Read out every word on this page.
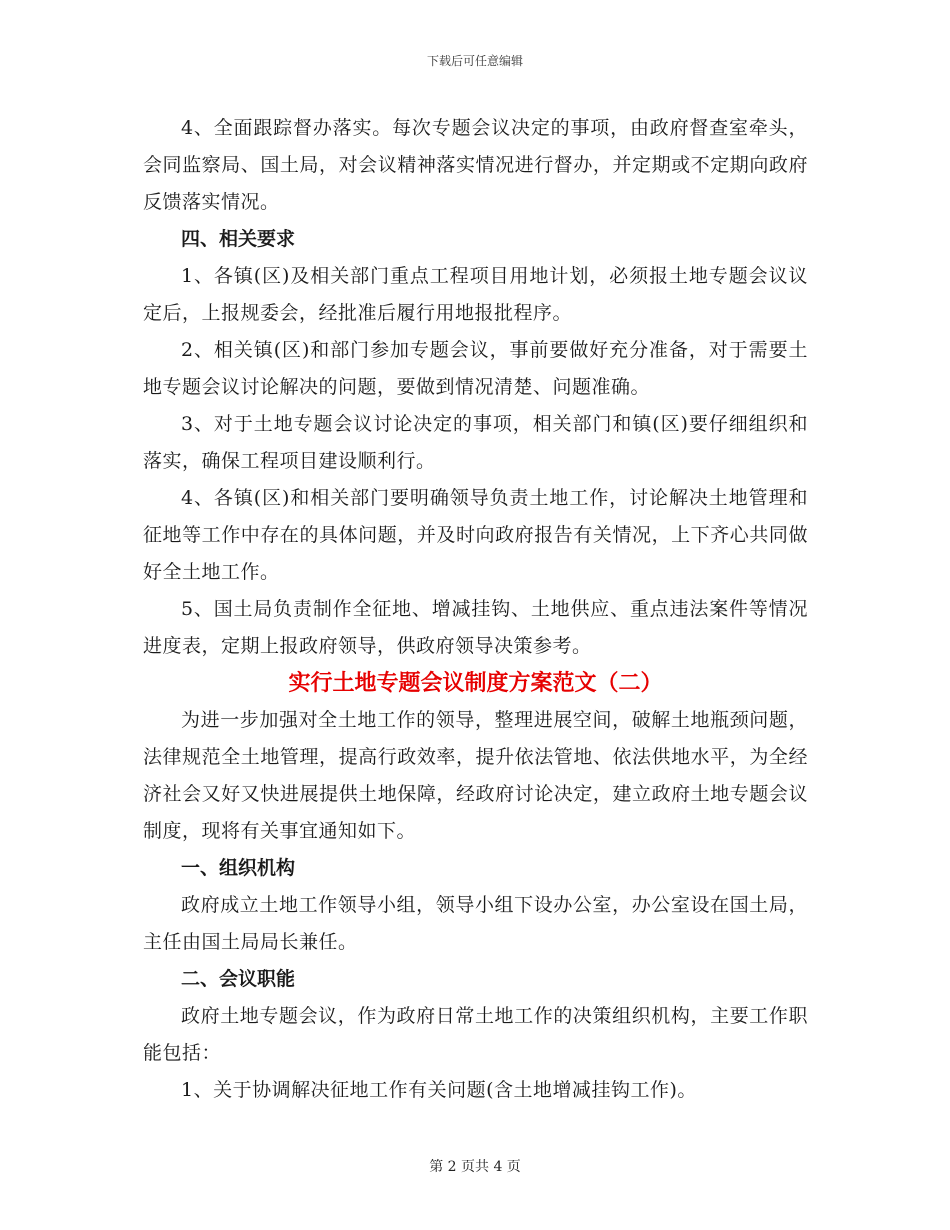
下载后可任意编辑

4、全面跟踪督办落实。每次专题会议决定的事项，由政府督查室牵头，会同监察局、国土局，对会议精神落实情况进行督办，并定期或不定期向政府反馈落实情况。

四、相关要求

1、各镇(区)及相关部门重点工程项目用地计划，必须报土地专题会议议定后，上报规委会，经批准后履行用地报批程序。

2、相关镇(区)和部门参加专题会议，事前要做好充分准备，对于需要土地专题会议讨论解决的问题，要做到情况清楚、问题准确。

3、对于土地专题会议讨论决定的事项，相关部门和镇(区)要仔细组织和落实，确保工程项目建设顺利行。

4、各镇(区)和相关部门要明确领导负责土地工作，讨论解决土地管理和征地等工作中存在的具体问题，并及时向政府报告有关情况，上下齐心共同做好全土地工作。

5、国土局负责制作全征地、增减挂钩、土地供应、重点违法案件等情况进度表，定期上报政府领导，供政府领导决策参考。

实行土地专题会议制度方案范文（二）

为进一步加强对全土地工作的领导，整理进展空间，破解土地瓶颈问题，法律规范全土地管理，提高行政效率，提升依法管地、依法供地水平，为全经济社会又好又快进展提供土地保障，经政府讨论决定，建立政府土地专题会议制度，现将有关事宜通知如下。

一、组织机构

政府成立土地工作领导小组，领导小组下设办公室，办公室设在国土局，主任由国土局局长兼任。

二、会议职能

政府土地专题会议，作为政府日常土地工作的决策组织机构，主要工作职能包括：

1、关于协调解决征地工作有关问题(含土地增减挂钩工作)。

第 2 页共 4 页
